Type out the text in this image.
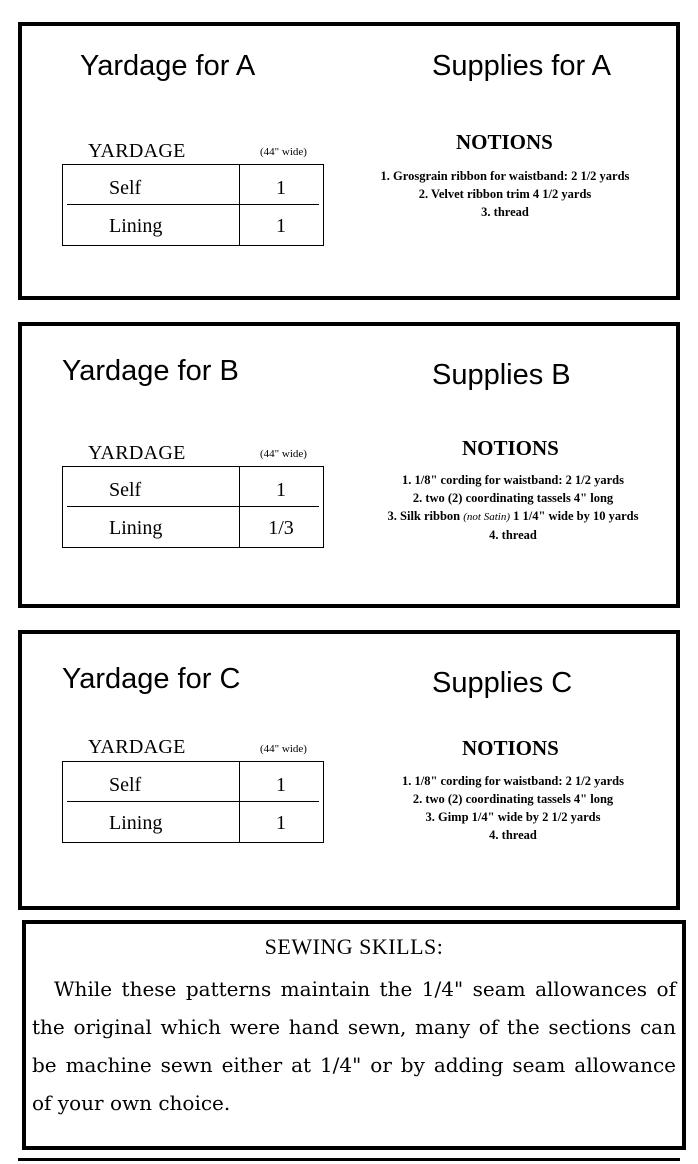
Yardage for A	Supplies for A
YARDAGE	(44" wide)
Self	1
Lining	1
NOTIONS
1. Grosgrain ribbon for waistband: 2 1/2 yards
2. Velvet ribbon trim 4 1/2 yards
3. thread
Yardage for B	Supplies B
YARDAGE	(44" wide)
Self	1
Lining	1/3
NOTIONS
1. 1/8" cording for waistband: 2 1/2 yards
2. two (2) coordinating tassels 4" long
3. Silk ribbon (not Satin) 1 1/4" wide by 10 yards
4. thread
Yardage for C	Supplies C
YARDAGE	(44" wide)
Self	1
Lining	1
NOTIONS
1. 1/8" cording for waistband: 2 1/2 yards
2. two (2) coordinating tassels 4" long
3. Gimp 1/4" wide by 2 1/2 yards
4. thread
SEWING SKILLS:

While these patterns maintain the 1/4" seam allowances of the original which were hand sewn, many of the sections can be machine sewn either at 1/4" or by adding seam allowance of your own choice.
